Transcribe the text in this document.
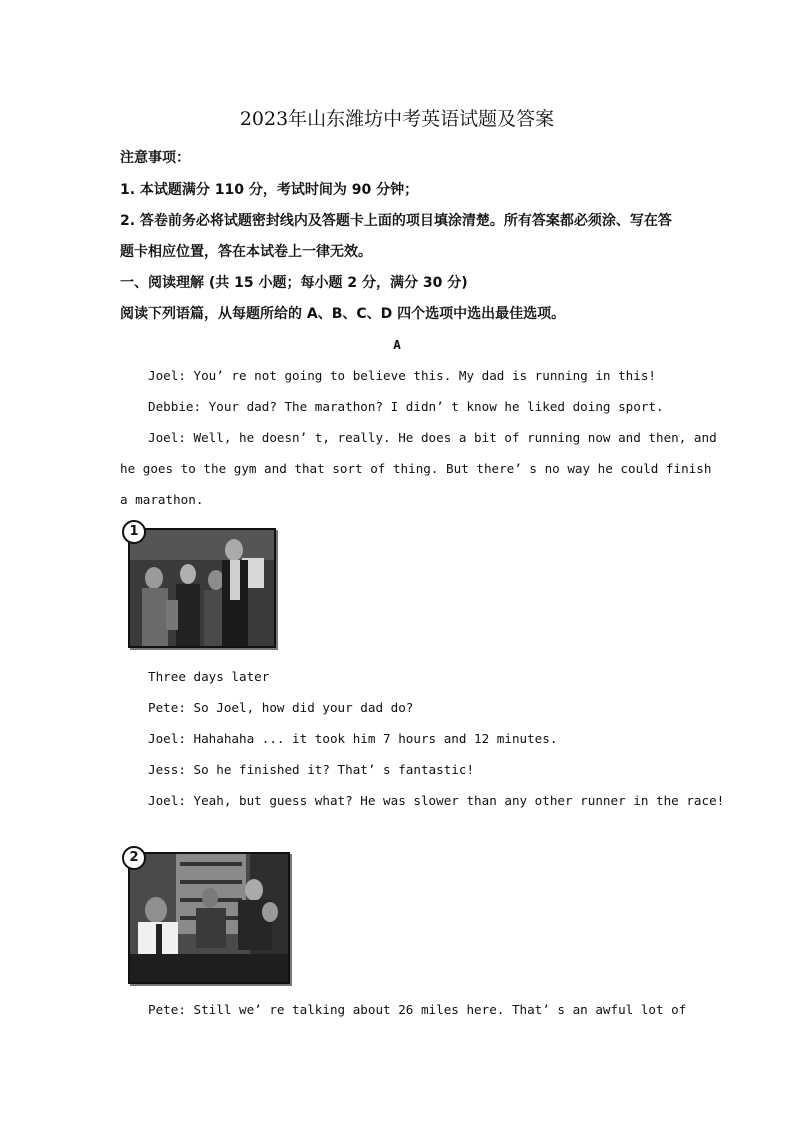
2023年山东潍坊中考英语试题及答案
注意事项：
1. 本试题满分 110 分，考试时间为 90 分钟；
2. 答卷前务必将试题密封线内及答题卡上面的项目填涂清楚。所有答案都必须涂、写在答
题卡相应位置，答在本试卷上一律无效。
一、阅读理解 (共 15 小题；每小题 2 分，满分 30 分)
阅读下列语篇，从每题所给的 A、B、C、D 四个选项中选出最佳选项。
A
Joel: You’ re not going to believe this. My dad is running in this!
Debbie: Your dad? The marathon? I didn’ t know he liked doing sport.
Joel: Well, he doesn’ t, really. He does a bit of running now and then, and
he goes to the gym and that sort of thing. But there’ s no way he could finish
a marathon.
1
Three days later
Pete: So Joel, how did your dad do?
Joel: Hahahaha ... it took him 7 hours and 12 minutes.
Jess: So he finished it? That’ s fantastic!
Joel: Yeah, but guess what? He was slower than any other runner in the race!
2
Pete: Still we’ re talking about 26 miles here. That’ s an awful lot of
